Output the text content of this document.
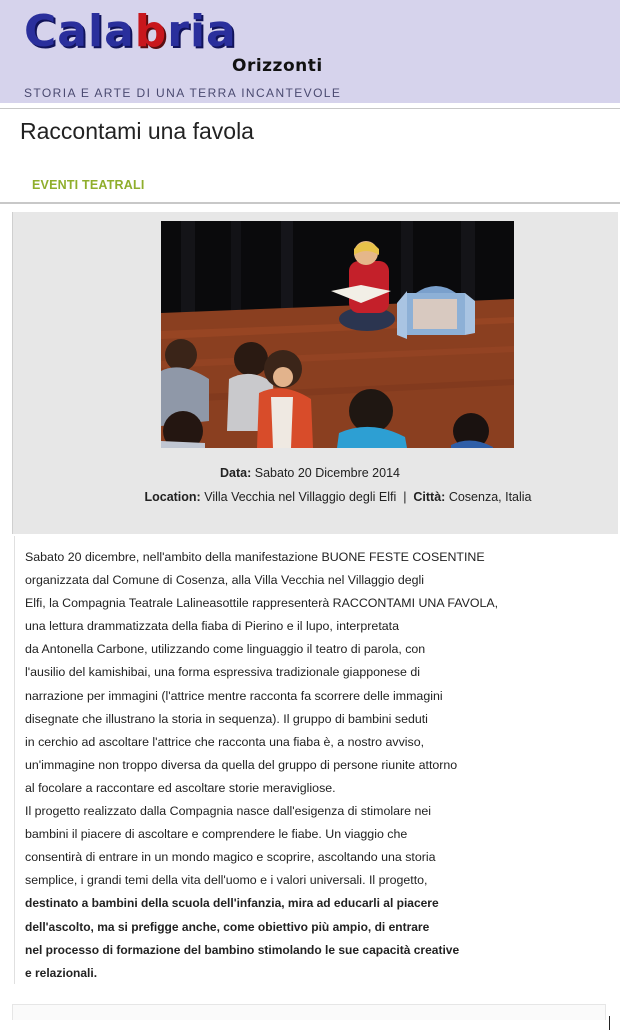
Calabria
Orizzonti
STORIA E ARTE DI UNA TERRA INCANTEVOLE
Raccontami una favola
EVENTI TEATRALI
Data: Sabato 20 Dicembre 2014
Location: Villa Vecchia nel Villaggio degli Elfi | Città: Cosenza, Italia

Sabato 20 dicembre, nell'ambito della manifestazione BUONE FESTE COSENTINE
organizzata dal Comune di Cosenza, alla Villa Vecchia nel Villaggio degli
Elfi, la Compagnia Teatrale Lalineasottile rappresenterà RACCONTAMI UNA FAVOLA,
una lettura drammatizzata della fiaba di Pierino e il lupo, interpretata
da Antonella Carbone, utilizzando come linguaggio il teatro di parola, con
l'ausilio del kamishibai, una forma espressiva tradizionale giapponese di
narrazione per immagini (l'attrice mentre racconta fa scorrere delle immagini
disegnate che illustrano la storia in sequenza). Il gruppo di bambini seduti
in cerchio ad ascoltare l'attrice che racconta una fiaba è, a nostro avviso,
un'immagine non troppo diversa da quella del gruppo di persone riunite attorno
al focolare a raccontare ed ascoltare storie meravigliose.
Il progetto realizzato dalla Compagnia nasce dall'esigenza di stimolare nei
bambini il piacere di ascoltare e comprendere le fiabe. Un viaggio che
consentirà di entrare in un mondo magico e scoprire, ascoltando una storia
semplice, i grandi temi della vita dell'uomo e i valori universali. Il progetto,
destinato a bambini della scuola dell'infanzia, mira ad educarli al piacere
dell'ascolto, ma si prefigge anche, come obiettivo più ampio, di entrare
nel processo di formazione del bambino stimolando le sue capacità creative
e relazionali.
